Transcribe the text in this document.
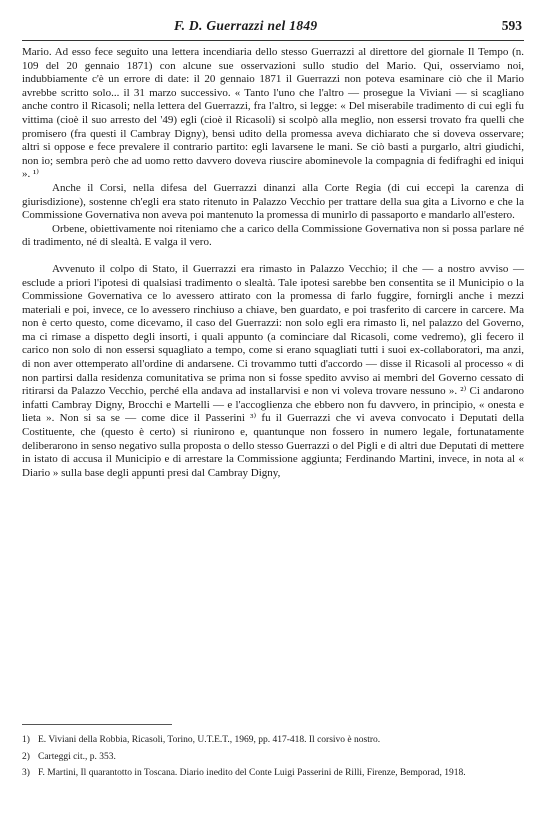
F. D. Guerrazzi nel 1849	593

Mario. Ad esso fece seguito una lettera incendiaria dello stesso Guerrazzi al direttore del giornale Il Tempo (n. 109 del 20 gennaio 1871) con alcune sue osservazioni sullo studio del Mario. Qui, osserviamo noi, indubbiamente c'è un errore di date: il 20 gennaio 1871 il Guerrazzi non poteva esaminare ciò che il Mario avrebbe scritto solo... il 31 marzo successivo. « Tanto l'uno che l'altro — prosegue la Viviani — si scagliano anche contro il Ricasoli; nella lettera del Guerrazzi, fra l'altro, si legge: « Del miserabile tradimento di cui egli fu vittima (cioè il suo arresto del '49) egli (cioè il Ricasoli) si scolpò alla meglio, non essersi trovato fra quelli che promisero (fra questi il Cambray Digny), bensì udito della promessa aveva dichiarato che si doveva osservare; altri si oppose e fece prevalere il contrario partito: egli lavarsene le mani. Se ciò basti a purgarlo, altri giudichi, non io; sembra però che ad uomo retto davvero doveva riuscire abominevole la compagnia di fedifraghi ed iniqui ». ¹⁾

Anche il Corsi, nella difesa del Guerrazzi dinanzi alla Corte Regia (di cui eccepì la carenza di giurisdizione), sostenne ch'egli era stato ritenuto in Palazzo Vecchio per trattare della sua gita a Livorno e che la Commissione Governativa non aveva poi mantenuto la promessa di munirlo di passaporto e mandarlo all'estero.

Orbene, obiettivamente noi riteniamo che a carico della Commissione Governativa non si possa parlare né di tradimento, né di slealtà. E valga il vero.

Avvenuto il colpo di Stato, il Guerrazzi era rimasto in Palazzo Vecchio; il che — a nostro avviso — esclude a priori l'ipotesi di qualsiasi tradimento o slealtà. Tale ipotesi sarebbe ben consentita se il Municipio o la Commissione Governativa ce lo avessero attirato con la promessa di farlo fuggire, fornirgli anche i mezzi materiali e poi, invece, ce lo avessero rinchiuso a chiave, ben guardato, e poi trasferito di carcere in carcere. Ma non è certo questo, come dicevamo, il caso del Guerrazzi: non solo egli era rimasto lì, nel palazzo del Governo, ma ci rimase a dispetto degli insorti, i quali appunto (a cominciare dal Ricasoli, come vedremo), gli fecero il carico non solo di non essersi squagliato a tempo, come si erano squagliati tutti i suoi ex-collaboratori, ma anzi, di non aver ottemperato all'ordine di andarsene. Ci trovammo tutti d'accordo — disse il Ricasoli al processo « di non partirsi dalla residenza comunitativa se prima non si fosse spedito avviso ai membri del Governo cessato di ritirarsi da Palazzo Vecchio, perché ella andava ad installarvisi e non vi voleva trovare nessuno ». ²⁾ Ci andarono infatti Cambray Digny, Brocchi e Martelli — e l'accoglienza che ebbero non fu davvero, in principio, « onesta e lieta ». Non si sa se — come dice il Passerini ³⁾ fu il Guerrazzi che vi aveva convocato i Deputati della Costituente, che (questo è certo) si riunirono e, quantunque non fossero in numero legale, fortunatamente deliberarono in senso negativo sulla proposta o dello stesso Guerrazzi o del Pigli e di altri due Deputati di mettere in istato di accusa il Municipio e di arrestare la Commissione aggiunta; Ferdinando Martini, invece, in nota al « Diario » sulla base degli appunti presi dal Cambray Digny,

1) E. Viviani della Robbia, Ricasoli, Torino, U.T.E.T., 1969, pp. 417-418. Il corsivo è nostro.

2) Carteggi cit., p. 353.

3) F. Martini, Il quarantotto in Toscana. Diario inedito del Conte Luigi Passerini de Rilli, Firenze, Bemporad, 1918.
